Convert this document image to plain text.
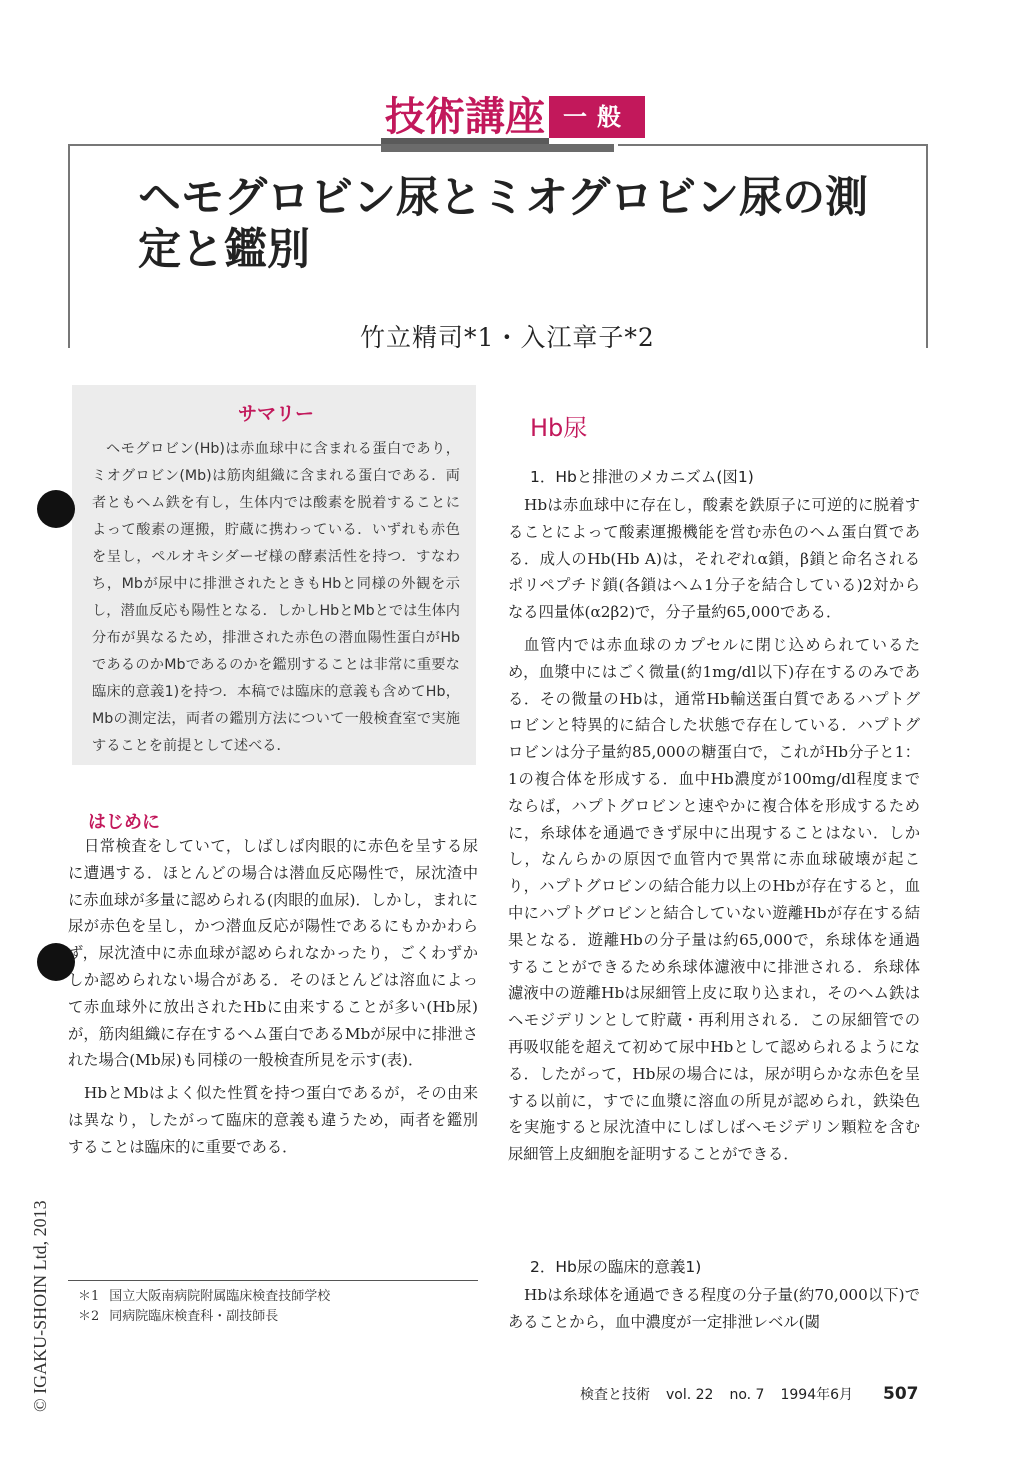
技術講座 一般
ヘモグロビン尿とミオグロビン尿の測定と鑑別
竹立精司*1・入江章子*2
サマリー
ヘモグロビン(Hb)は赤血球中に含まれる蛋白であり，ミオグロビン(Mb)は筋肉組織に含まれる蛋白である．両者ともヘム鉄を有し，生体内では酸素を脱着することによって酸素の運搬，貯蔵に携わっている．いずれも赤色を呈し，ペルオキシダーゼ様の酵素活性を持つ．すなわち，Mbが尿中に排泄されたときもHbと同様の外観を示し，潜血反応も陽性となる．しかしHbとMbとでは生体内分布が異なるため，排泄された赤色の潜血陽性蛋白がHbであるのかMbであるのかを鑑別することは非常に重要な臨床的意義1)を持つ．本稿では臨床的意義も含めてHb，Mbの測定法，両者の鑑別方法について一般検査室で実施することを前提として述べる．
はじめに

日常検査をしていて，しばしば肉眼的に赤色を呈する尿に遭遇する．ほとんどの場合は潜血反応陽性で，尿沈渣中に赤血球が多量に認められる(肉眼的血尿)．しかし，まれに尿が赤色を呈し，かつ潜血反応が陽性であるにもかかわらず，尿沈渣中に赤血球が認められなかったり，ごくわずかしか認められない場合がある．そのほとんどは溶血によって赤血球外に放出されたHbに由来することが多い(Hb尿)が，筋肉組織に存在するヘム蛋白であるMbが尿中に排泄された場合(Mb尿)も同様の一般検査所見を示す(表)．

HbとMbはよく似た性質を持つ蛋白であるが，その由来は異なり，したがって臨床的意義も違うため，両者を鑑別することは臨床的に重要である．

Hb尿
1．Hbと排泄のメカニズム(図1)

Hbは赤血球中に存在し，酸素を鉄原子に可逆的に脱着することによって酸素運搬機能を営む赤色のヘム蛋白質である．成人のHb(Hb A)は，それぞれα鎖，β鎖と命名されるポリペプチド鎖(各鎖はヘム1分子を結合している)2対からなる四量体(α2β2)で，分子量約65,000である．

血管内では赤血球のカプセルに閉じ込められているため，血漿中にはごく微量(約1mg/dl以下)存在するのみである．その微量のHbは，通常Hb輸送蛋白質であるハプトグロビンと特異的に結合した状態で存在している．ハプトグロビンは分子量約85,000の糖蛋白で，これがHb分子と1：1の複合体を形成する．血中Hb濃度が100mg/dl程度までならば，ハプトグロビンと速やかに複合体を形成するために，糸球体を通過できず尿中に出現することはない．しかし，なんらかの原因で血管内で異常に赤血球破壊が起こり，ハプトグロビンの結合能力以上のHbが存在すると，血中にハプトグロビンと結合していない遊離Hbが存在する結果となる．遊離Hbの分子量は約65,000で，糸球体を通過することができるため糸球体濾液中に排泄される．糸球体濾液中の遊離Hbは尿細管上皮に取り込まれ，そのヘム鉄はヘモジデリンとして貯蔵・再利用される．この尿細管での再吸収能を超えて初めて尿中Hbとして認められるようになる．したがって，Hb尿の場合には，尿が明らかな赤色を呈する以前に，すでに血漿に溶血の所見が認められ，鉄染色を実施すると尿沈渣中にしばしばヘモジデリン顆粒を含む尿細管上皮細胞を証明することができる．

2．Hb尿の臨床的意義1)

Hbは糸球体を通過できる程度の分子量(約70,000以下)であることから，血中濃度が一定排泄レベル(閾

＊1 国立大阪南病院附属臨床検査技師学校
＊2 同病院臨床検査科・副技師長
© IGAKU-SHOIN Ltd, 2013	検査と技術 vol. 22 no. 7 1994年6月 507
